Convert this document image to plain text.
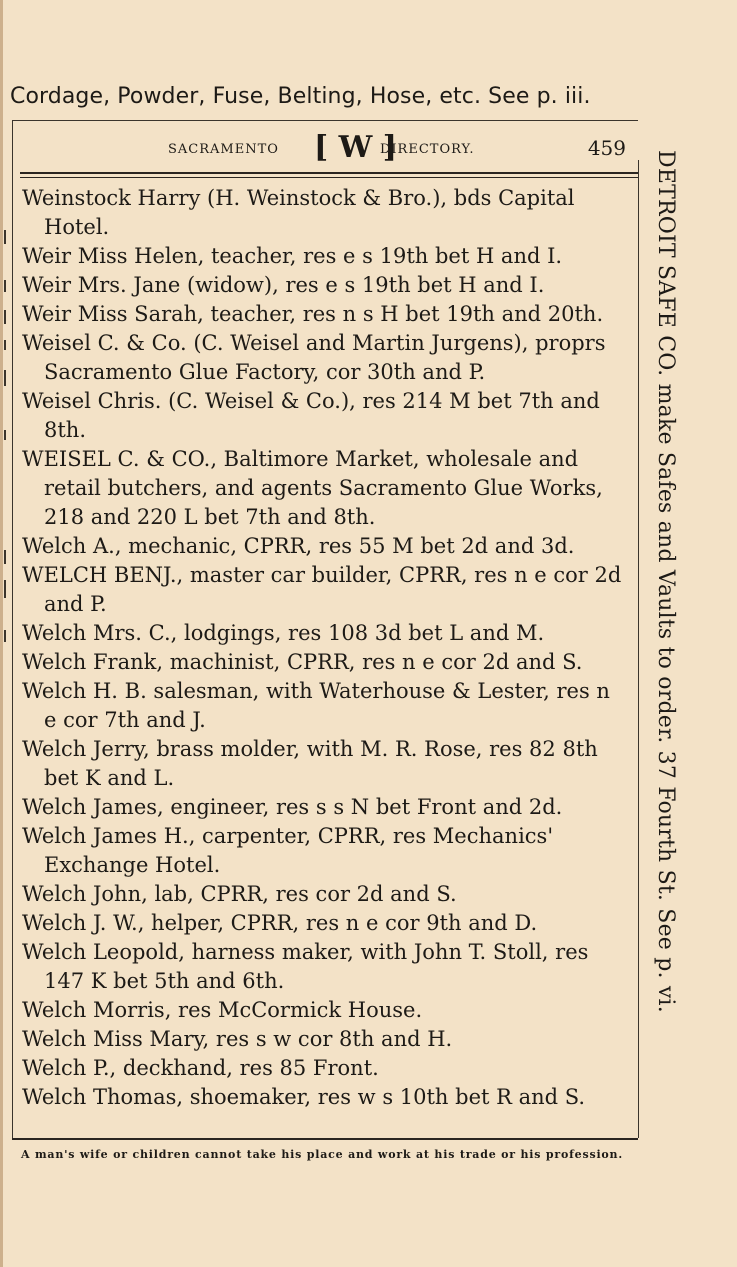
Cordage, Powder, Fuse, Belting, Hose, etc. See p. iii.
SACRAMENTO [ W ]
DIRECTORY.	459
Weinstock Harry (H. Weinstock & Bro.), bds Capital Hotel.
Weir Miss Helen, teacher, res e s 19th bet H and I.
Weir Mrs. Jane (widow), res e s 19th bet H and I.
Weir Miss Sarah, teacher, res n s H bet 19th and 20th.
Weisel C. & Co. (C. Weisel and Martin Jurgens), proprs Sacramento Glue Factory, cor 30th and P.
Weisel Chris. (C. Weisel & Co.), res 214 M bet 7th and 8th.
WEISEL C. & CO., Baltimore Market, wholesale and retail butchers, and agents Sacramento Glue Works, 218 and 220 L bet 7th and 8th.
Welch A., mechanic, CPRR, res 55 M bet 2d and 3d.
WELCH BENJ., master car builder, CPRR, res n e cor 2d and P.
Welch Mrs. C., lodgings, res 108 3d bet L and M.
Welch Frank, machinist, CPRR, res n e cor 2d and S.
Welch H. B. salesman, with Waterhouse & Lester, res n e cor 7th and J.
Welch Jerry, brass molder, with M. R. Rose, res 82 8th bet K and L.
Welch James, engineer, res s s N bet Front and 2d.
Welch James H., carpenter, CPRR, res Mechanics' Exchange Hotel.
Welch John, lab, CPRR, res cor 2d and S.
Welch J. W., helper, CPRR, res n e cor 9th and D.
Welch Leopold, harness maker, with John T. Stoll, res 147 K bet 5th and 6th.
Welch Morris, res McCormick House.
Welch Miss Mary, res s w cor 8th and H.
Welch P., deckhand, res 85 Front.
Welch Thomas, shoemaker, res w s 10th bet R and S.
A man's wife or children cannot take his place and work at his trade or his profession.
DETROIT SAFE CO. make Safes and Vaults to order. 37 Fourth St. See p. vi.
